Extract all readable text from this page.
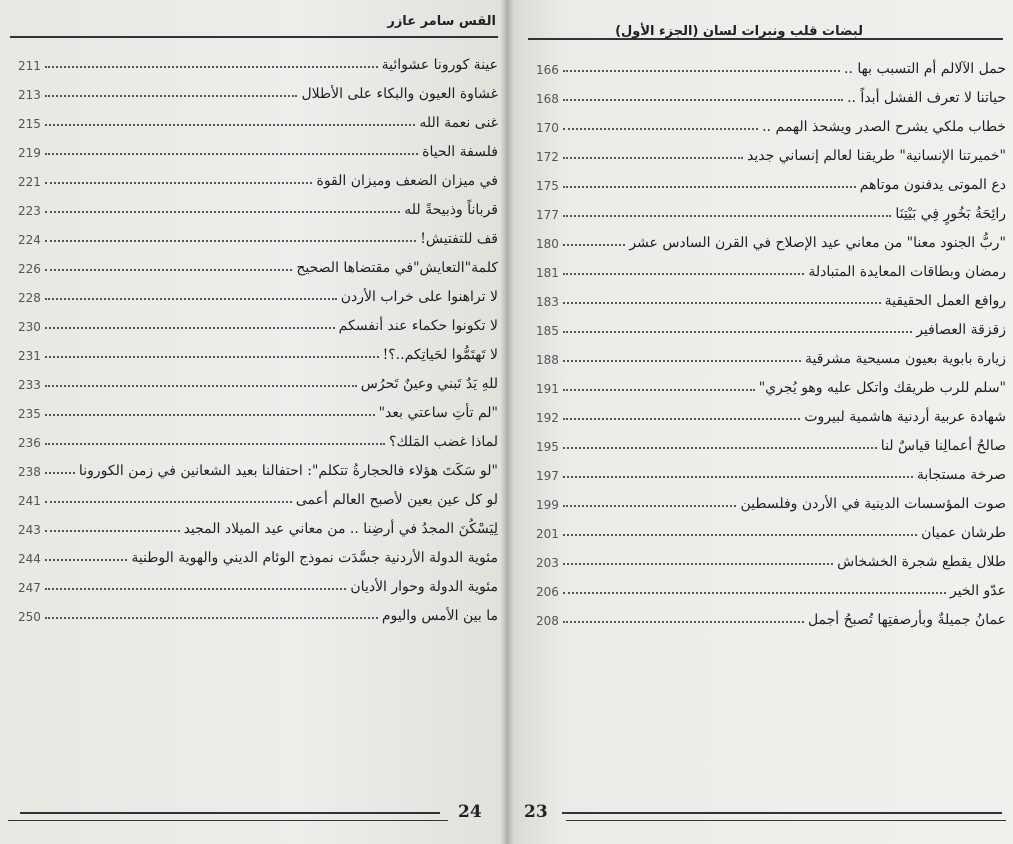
القس سامر عازر
عينة كورونا عشوائية
211
غشاوة العيون والبكاء على الأطلال
213
غنى نعمة الله
215
فلسفة الحياة
219
في ميزان الضعف وميزان القوة
221
قرباناً وذبيحةً لله
223
قف للتفتيش!
224
كلمة"التعايش"في مقتضاها الصحيح
226
لا تراهنوا على خراب الأردن
228
لا تكونوا حكماء عند أنفسكم
230
لا تَهتَمُّوا لحَياتِكم..؟!
231
للهِ يَدٌ تَبني وعينٌ تَحرُس
233
"لم تأتِ ساعتي بعد"
235
لماذا غضب المَلك؟
236
"لو سَكَتَ هؤلاء فالحجارةُ تتكلم": احتفالنا بعيد الشعانين في زمن الكورونا
238
لو كل عين بعين لأصبح العالم أعمى
241
لِيَسْكُنَ المجدُ في أرضِنا .. من معاني عيد الميلاد المجيد
243
مئوية الدولة الأردنية جسَّدَت نموذج الوئام الديني والهوية الوطنية
244
مئوية الدولة وحوار الأديان
247
ما بين الأمس واليوم
250
24
لبضات قلب ونبرات لسان (الجزء الأول)
حمل الآلالم أم التسبب بها ..
166
حياتنا لا تعرف الفشل أبداً ..
168
خطاب ملكي يشرح الصدر ويشحذ الهمم ..
170
"خميرتنا الإنسانية" طريقنا لعالم إنساني جديد
172
دع الموتى يدفنون موتاهم
175
رائِحَةُ بَخُورٍ فِي بَيْتِنَا
177
"ربُّ الجنود معنا" من معاني عيد الإصلاح في القرن السادس عشر
180
رمضان وبطاقات المعايدة المتبادلة
181
روافع العمل الحقيقية
183
زقزقة العصافير
185
زيارة بابوية بعيون مسيحية مشرقية
188
"سلم للرب طريقك واتكل عليه وهو يُجري"
191
شهادة عربية أردنية هاشمية لبيروت
192
صالحُ أعمالِنا قياسٌ لنا
195
صرخة مستجابة
197
صوت المؤسسات الدينية في الأردن وفلسطين
199
طرشان عميان
201
طلال يقطع شجرة الخشخاش
203
عدّو الخير
206
عمانُ جميلةٌ وبأرصفتِها تُصبحُ أجمل
208
23
